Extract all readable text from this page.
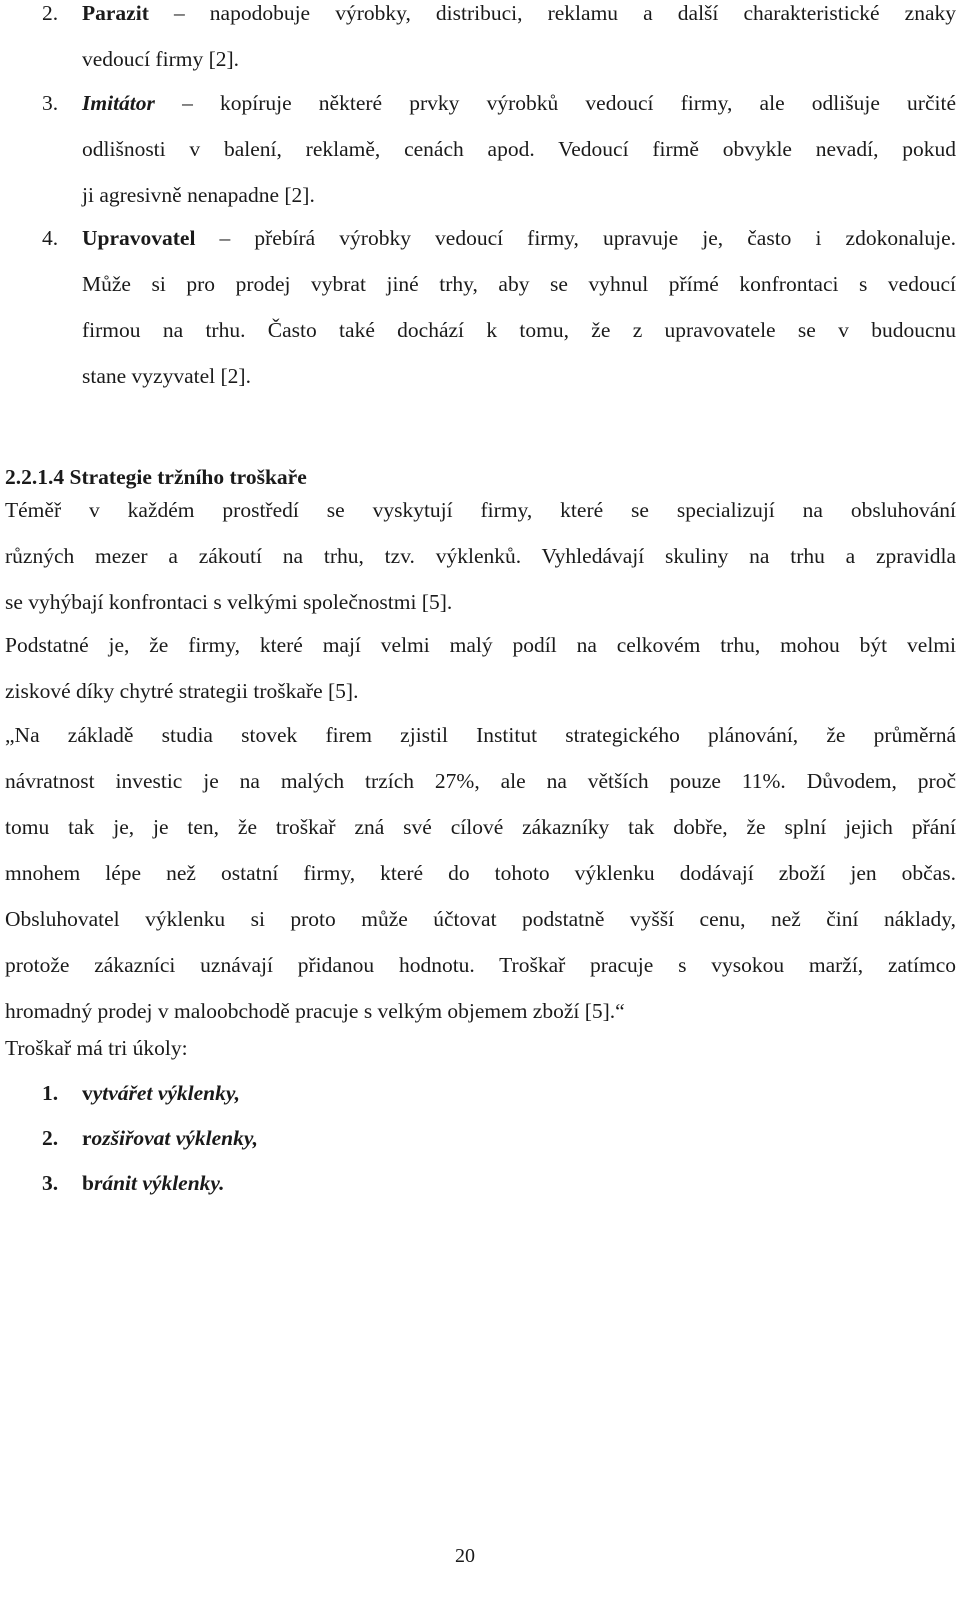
2. Parazit – napodobuje výrobky, distribuci, reklamu a další charakteristické znaky
vedoucí firmy [2].
3. Imitátor – kopíruje některé prvky výrobků vedoucí firmy, ale odlišuje určité
odlišnosti v balení, reklamě, cenách apod. Vedoucí firmě obvykle nevadí, pokud
ji agresivně nenapadne [2].
4. Upravovatel – přebírá výrobky vedoucí firmy, upravuje je, často i zdokonaluje.
Může si pro prodej vybrat jiné trhy, aby se vyhnul přímé konfrontaci s vedoucí
firmou na trhu. Často také dochází k tomu, že z upravovatele se v budoucnu
stane vyzyvatel [2].
2.2.1.4 Strategie tržního troškaře
Téměř v každém prostředí se vyskytují firmy, které se specializují na obsluhování
různých mezer a zákoutí na trhu, tzv. výklenků. Vyhledávají skuliny na trhu a zpravidla
se vyhýbají konfrontaci s velkými společnostmi [5].
Podstatné je, že firmy, které mají velmi malý podíl na celkovém trhu, mohou být velmi
ziskové díky chytré strategii troškaře [5].
„Na základě studia stovek firem zjistil Institut strategického plánování, že průměrná
návratnost investic je na malých trzích 27%, ale na větších pouze 11%. Důvodem, proč
tomu tak je, je ten, že troškař zná své cílové zákazníky tak dobře, že splní jejich přání
mnohem lépe než ostatní firmy, které do tohoto výklenku dodávají zboží jen občas.
Obsluhovatel výklenku si proto může účtovat podstatně vyšší cenu, než činí náklady,
protože zákazníci uznávají přidanou hodnotu. Troškař pracuje s vysokou marží, zatímco
hromadný prodej v maloobchodě pracuje s velkým objemem zboží [5].“
Troškař má tri úkoly:
1. vytvářet výklenky,
2. rozšiřovat výklenky,
3. bránit výklenky.
20
